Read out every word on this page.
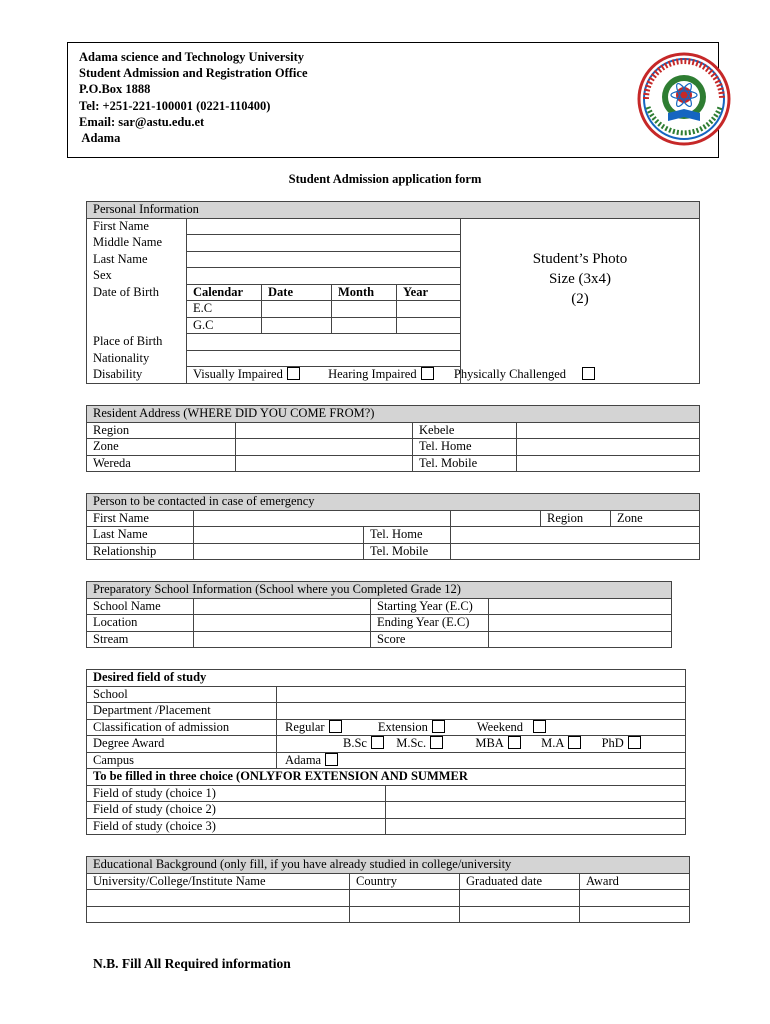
Adama science and Technology University
Student Admission and Registration Office
P.O.Box 1888
Tel: +251-221-100001 (0221-110400)
Email: sar@astu.edu.et
Adama
Student Admission application form
Personal Information					
First Name					Student’s Photo
Size (3x4)
(2)

Middle Name					
Last Name					
Sex					
Date of Birth	Calendar	Date	Month	Year	
	E.C				
	G.C				
Place of Birth					
Nationality					
Disability	Visually Impaired Hearing Impaired Physically Challenged				
Resident Address (WHERE DID YOU COME FROM?)			
Region		Kebele	
Zone		Tel. Home	
Wereda		Tel. Mobile	
Person to be contacted in case of emergency					
First Name				Region	Zone
Last Name		Tel. Home			
Relationship		Tel. Mobile			
Preparatory School Information (School where you Completed Grade 12)			
School Name		Starting Year (E.C)	
Location		Ending Year (E.C)	
Stream		Score	
Desired field of study		
School		
Department /Placement		
Classification of admission	Regular Extension Weekend	
Degree Award	B.Sc M.Sc. MBA M.A PhD	
Campus	Adama	
To be filled in three choice (ONLYFOR EXTENSION AND SUMMER		
Field of study (choice 1)		
Field of study (choice 2)		
Field of study (choice 3)		
Educational Background (only fill, if you have already studied in college/university			
University/College/Institute Name	Country	Graduated date	Award

N.B. Fill All Required information
